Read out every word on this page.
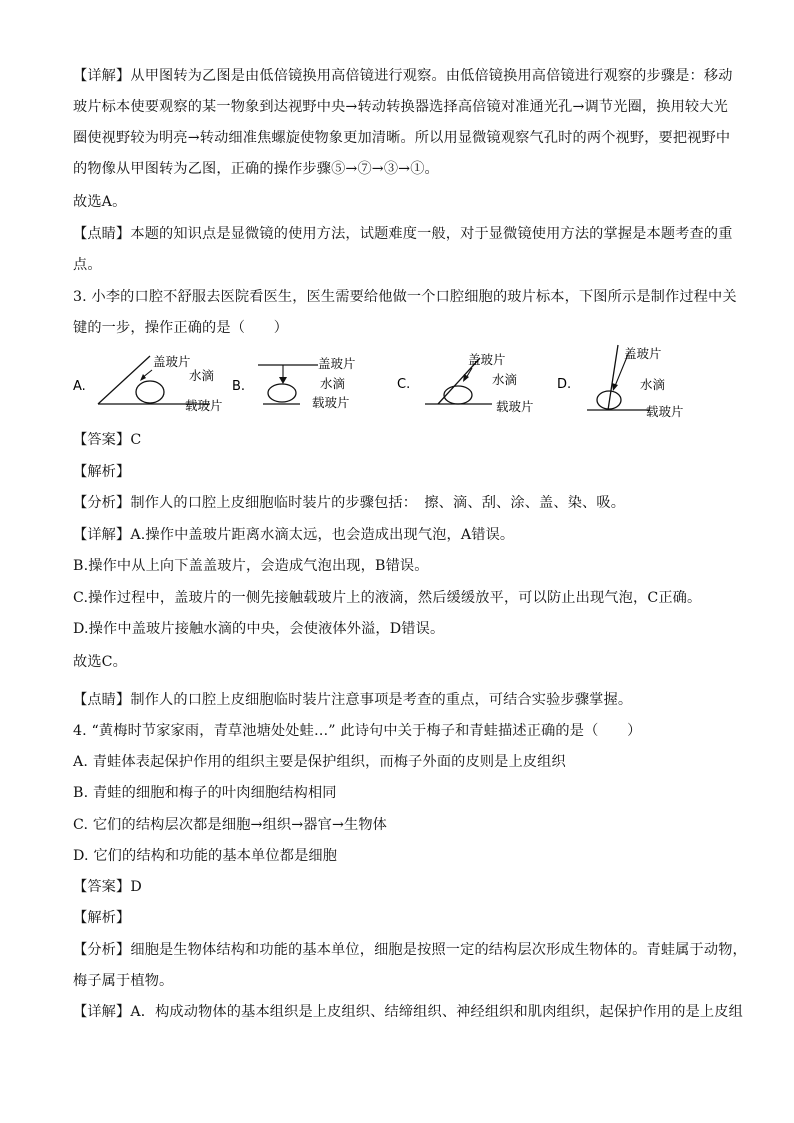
【详解】从甲图转为乙图是由低倍镜换用高倍镜进行观察。由低倍镜换用高倍镜进行观察的步骤是：移动
玻片标本使要观察的某一物象到达视野中央→转动转换器选择高倍镜对准通光孔→调节光圈，换用较大光
圈使视野较为明亮→转动细准焦螺旋使物象更加清晰。所以用显微镜观察气孔时的两个视野，要把视野中
的物像从甲图转为乙图，正确的操作步骤⑤→⑦→③→①。
故选A。
【点睛】本题的知识点是显微镜的使用方法，试题难度一般，对于显微镜使用方法的掌握是本题考查的重
点。
3. 小李的口腔不舒服去医院看医生，医生需要给他做一个口腔细胞的玻片标本，下图所示是制作过程中关
键的一步，操作正确的是（　　）
A.
盖玻片
水滴
载玻片
B.
盖玻片
水滴
载玻片
C.
盖玻片
水滴
载玻片
D.
盖玻片
水滴
载玻片
【答案】C
【解析】
【分析】制作人的口腔上皮细胞临时装片的步骤包括：　擦、滴、刮、涂、盖、染、吸。
【详解】A.操作中盖玻片距离水滴太远，也会造成出现气泡，A错误。
B.操作中从上向下盖盖玻片，会造成气泡出现，B错误。
C.操作过程中，盖玻片的一侧先接触载玻片上的液滴，然后缓缓放平，可以防止出现气泡，C正确。
D.操作中盖玻片接触水滴的中央，会使液体外溢，D错误。
故选C。
【点睛】制作人的口腔上皮细胞临时装片注意事项是考查的重点，可结合实验步骤掌握。
4. “黄梅时节家家雨，青草池塘处处蛙…” 此诗句中关于梅子和青蛙描述正确的是（　　）
A. 青蛙体表起保护作用的组织主要是保护组织，而梅子外面的皮则是上皮组织
B. 青蛙的细胞和梅子的叶肉细胞结构相同
C. 它们的结构层次都是细胞→组织→器官→生物体
D. 它们的结构和功能的基本单位都是细胞
【答案】D
【解析】
【分析】细胞是生物体结构和功能的基本单位，细胞是按照一定的结构层次形成生物体的。青蛙属于动物，
梅子属于植物。
【详解】A．构成动物体的基本组织是上皮组织、结缔组织、神经组织和肌肉组织，起保护作用的是上皮组
